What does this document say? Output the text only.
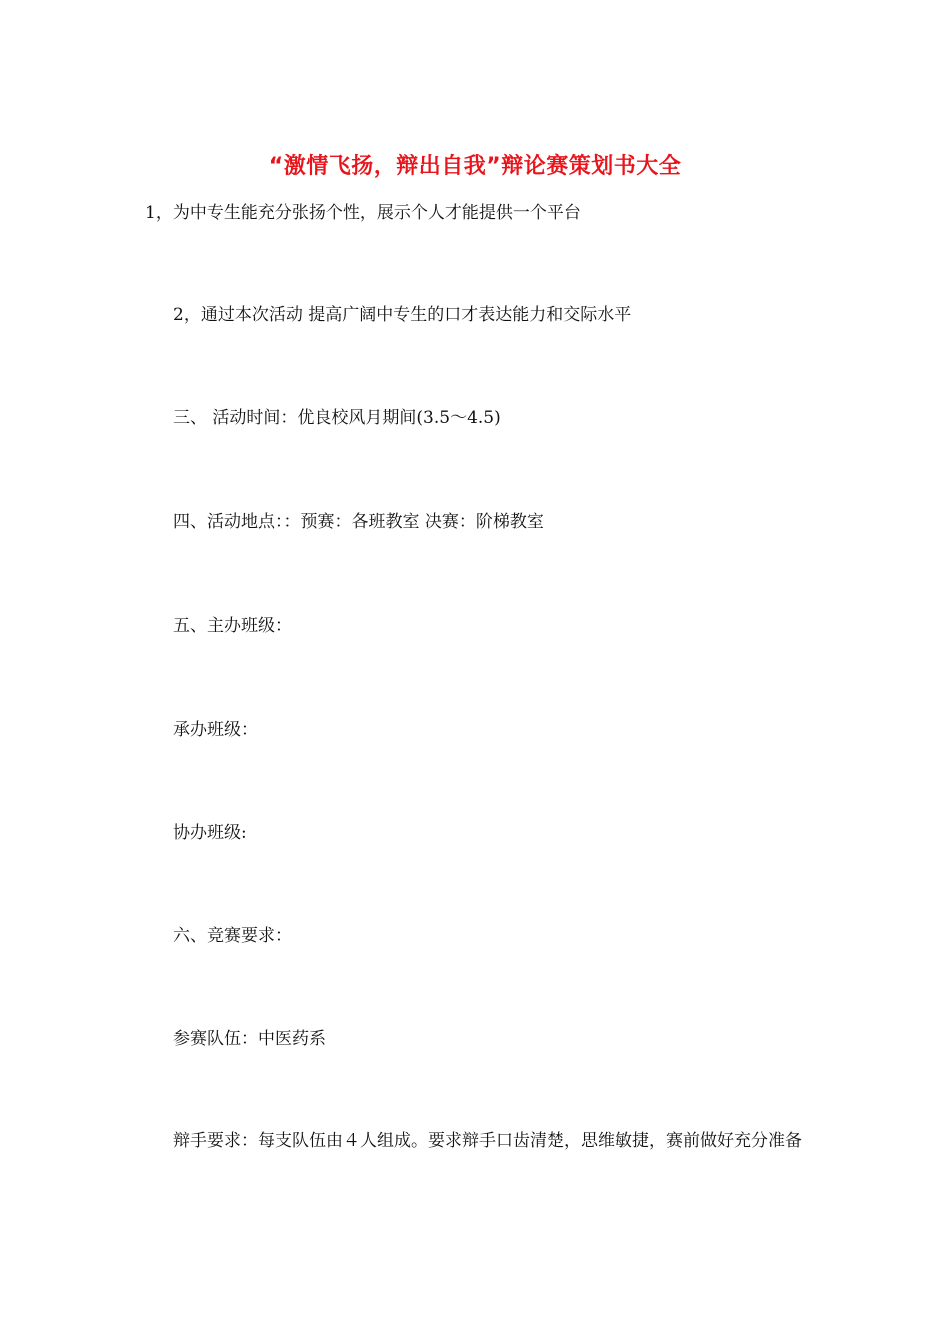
“激情飞扬，辩出自我”辩论赛策划书大全
1，为中专生能充分张扬个性，展示个人才能提供一个平台
2，通过本次活动 提高广阔中专生的口才表达能力和交际水平
三、 活动时间：优良校风月期间(3.5～4.5)
四、活动地点：：预赛：各班教室 决赛：阶梯教室
五、主办班级：
承办班级：
协办班级:
六、竞赛要求：
参赛队伍：中医药系
辩手要求：每支队伍由４人组成。要求辩手口齿清楚，思维敏捷，赛前做好充分准备
